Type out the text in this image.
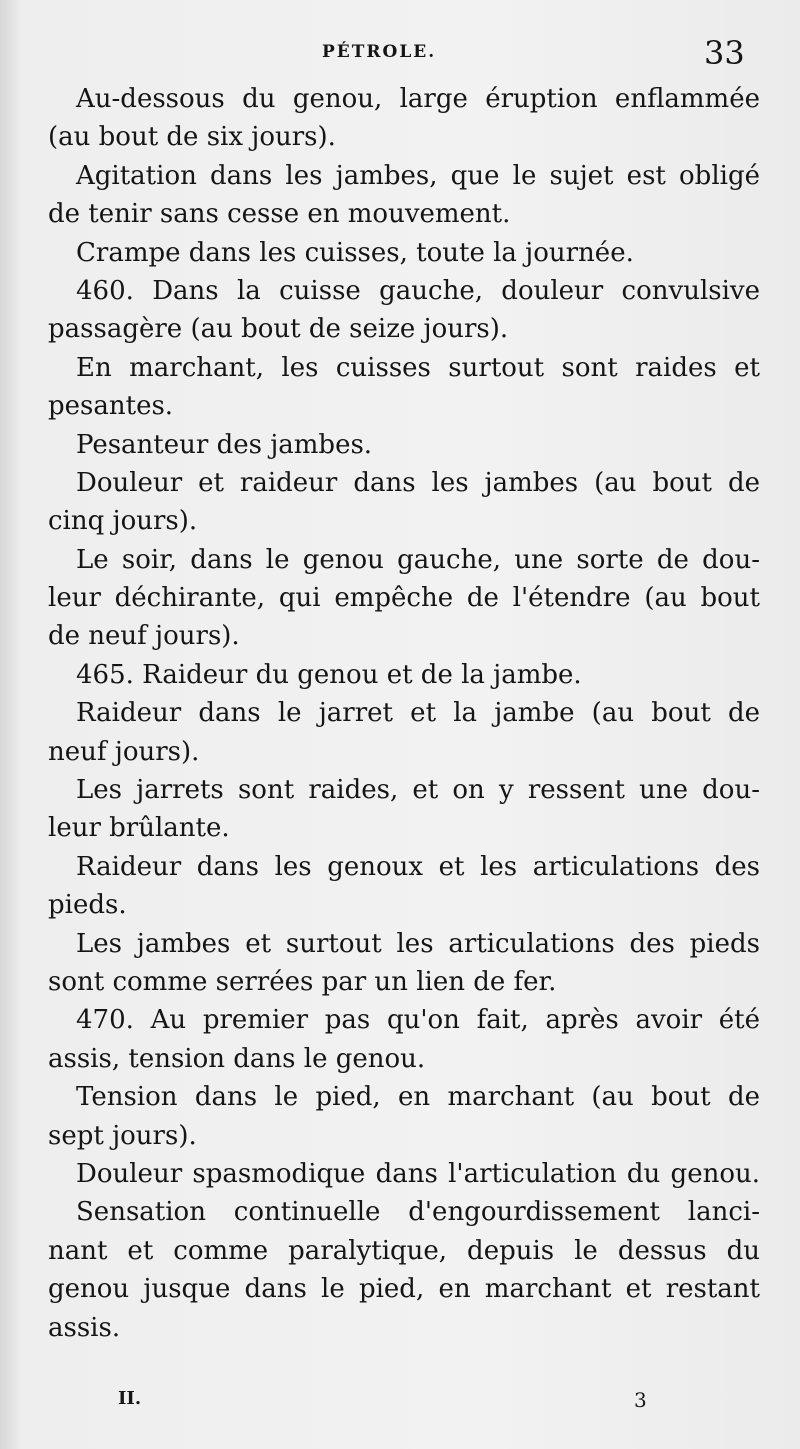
PÉTROLE.	33
Au-dessous du genou, large éruption enflammée
(au bout de six jours).
Agitation dans les jambes, que le sujet est obligé
de tenir sans cesse en mouvement.
Crampe dans les cuisses, toute la journée.
460. Dans la cuisse gauche, douleur convulsive
passagère (au bout de seize jours).
En marchant, les cuisses surtout sont raides et
pesantes.
Pesanteur des jambes.
Douleur et raideur dans les jambes (au bout de
cinq jours).
Le soir, dans le genou gauche, une sorte de dou-
leur déchirante, qui empêche de l'étendre (au bout
de neuf jours).
465. Raideur du genou et de la jambe.
Raideur dans le jarret et la jambe (au bout de
neuf jours).
Les jarrets sont raides, et on y ressent une dou-
leur brûlante.
Raideur dans les genoux et les articulations des
pieds.
Les jambes et surtout les articulations des pieds
sont comme serrées par un lien de fer.
470. Au premier pas qu'on fait, après avoir été
assis, tension dans le genou.
Tension dans le pied, en marchant (au bout de
sept jours).
Douleur spasmodique dans l'articulation du genou.
Sensation continuelle d'engourdissement lanci-
nant et comme paralytique, depuis le dessus du
genou jusque dans le pied, en marchant et restant
assis.
II.	3
